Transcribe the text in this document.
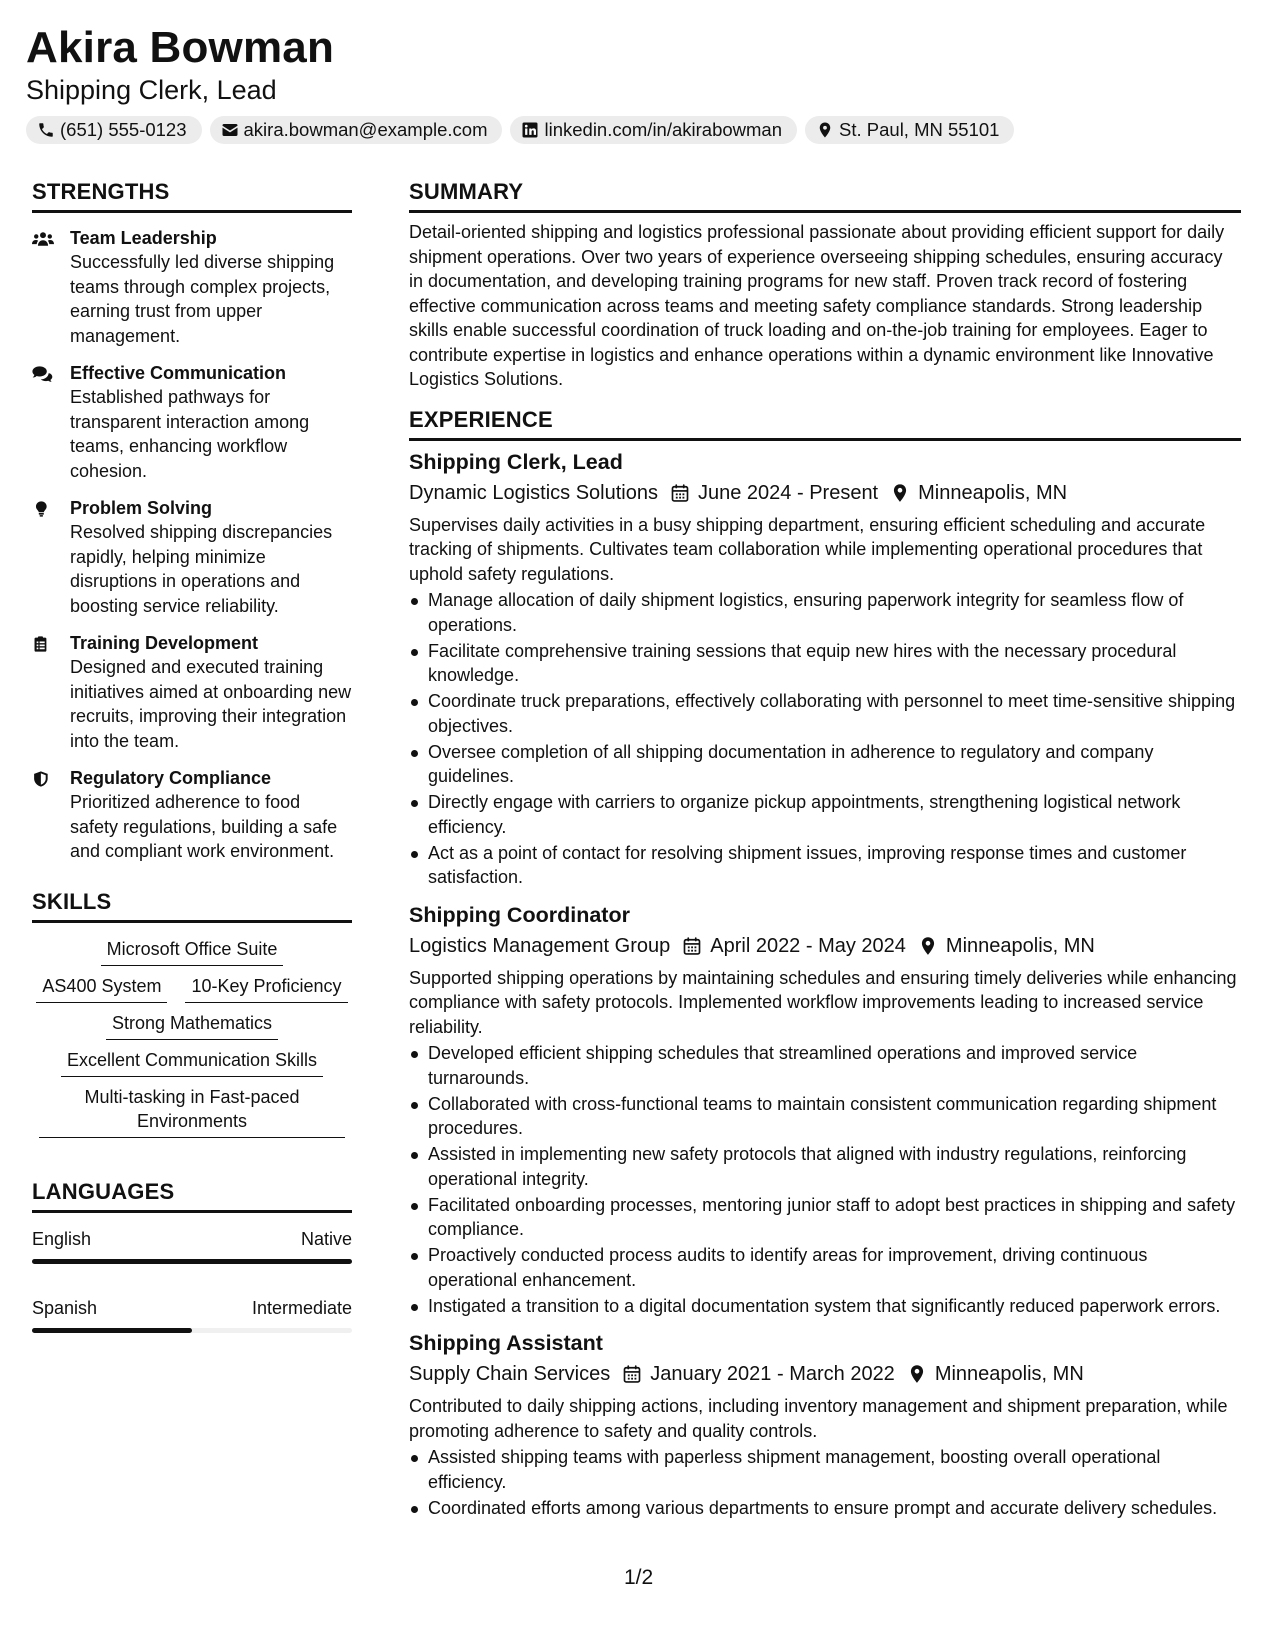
Akira Bowman
Shipping Clerk, Lead
(651) 555-0123	akira.bowman@example.com	linkedin.com/in/akirabowman	St. Paul, MN 55101
STRENGTHS
Team Leadership
Successfully led diverse shipping teams through complex projects, earning trust from upper management.
Effective Communication
Established pathways for transparent interaction among teams, enhancing workflow cohesion.
Problem Solving
Resolved shipping discrepancies rapidly, helping minimize disruptions in operations and boosting service reliability.
Training Development
Designed and executed training initiatives aimed at onboarding new recruits, improving their integration into the team.
Regulatory Compliance
Prioritized adherence to food safety regulations, building a safe and compliant work environment.
SKILLS
Microsoft Office Suite
AS400 System	10-Key Proficiency
Strong Mathematics
Excellent Communication Skills
Multi-tasking in Fast-paced Environments
LANGUAGES
English	Native
Spanish	Intermediate
SUMMARY
Detail-oriented shipping and logistics professional passionate about providing efficient support for daily shipment operations. Over two years of experience overseeing shipping schedules, ensuring accuracy in documentation, and developing training programs for new staff. Proven track record of fostering effective communication across teams and meeting safety compliance standards. Strong leadership skills enable successful coordination of truck loading and on-the-job training for employees. Eager to contribute expertise in logistics and enhance operations within a dynamic environment like Innovative Logistics Solutions.
EXPERIENCE
Shipping Clerk, Lead
Dynamic Logistics Solutions June 2024 - Present Minneapolis, MN
Supervises daily activities in a busy shipping department, ensuring efficient scheduling and accurate tracking of shipments. Cultivates team collaboration while implementing operational procedures that uphold safety regulations.
Manage allocation of daily shipment logistics, ensuring paperwork integrity for seamless flow of operations.
Facilitate comprehensive training sessions that equip new hires with the necessary procedural knowledge.
Coordinate truck preparations, effectively collaborating with personnel to meet time-sensitive shipping objectives.
Oversee completion of all shipping documentation in adherence to regulatory and company guidelines.
Directly engage with carriers to organize pickup appointments, strengthening logistical network efficiency.
Act as a point of contact for resolving shipment issues, improving response times and customer satisfaction.
Shipping Coordinator
Logistics Management Group April 2022 - May 2024 Minneapolis, MN
Supported shipping operations by maintaining schedules and ensuring timely deliveries while enhancing compliance with safety protocols. Implemented workflow improvements leading to increased service reliability.
Developed efficient shipping schedules that streamlined operations and improved service turnarounds.
Collaborated with cross-functional teams to maintain consistent communication regarding shipment procedures.
Assisted in implementing new safety protocols that aligned with industry regulations, reinforcing operational integrity.
Facilitated onboarding processes, mentoring junior staff to adopt best practices in shipping and safety compliance.
Proactively conducted process audits to identify areas for improvement, driving continuous operational enhancement.
Instigated a transition to a digital documentation system that significantly reduced paperwork errors.
Shipping Assistant
Supply Chain Services January 2021 - March 2022 Minneapolis, MN
Contributed to daily shipping actions, including inventory management and shipment preparation, while promoting adherence to safety and quality controls.
Assisted shipping teams with paperless shipment management, boosting overall operational efficiency.
Coordinated efforts among various departments to ensure prompt and accurate delivery schedules.
1/2
